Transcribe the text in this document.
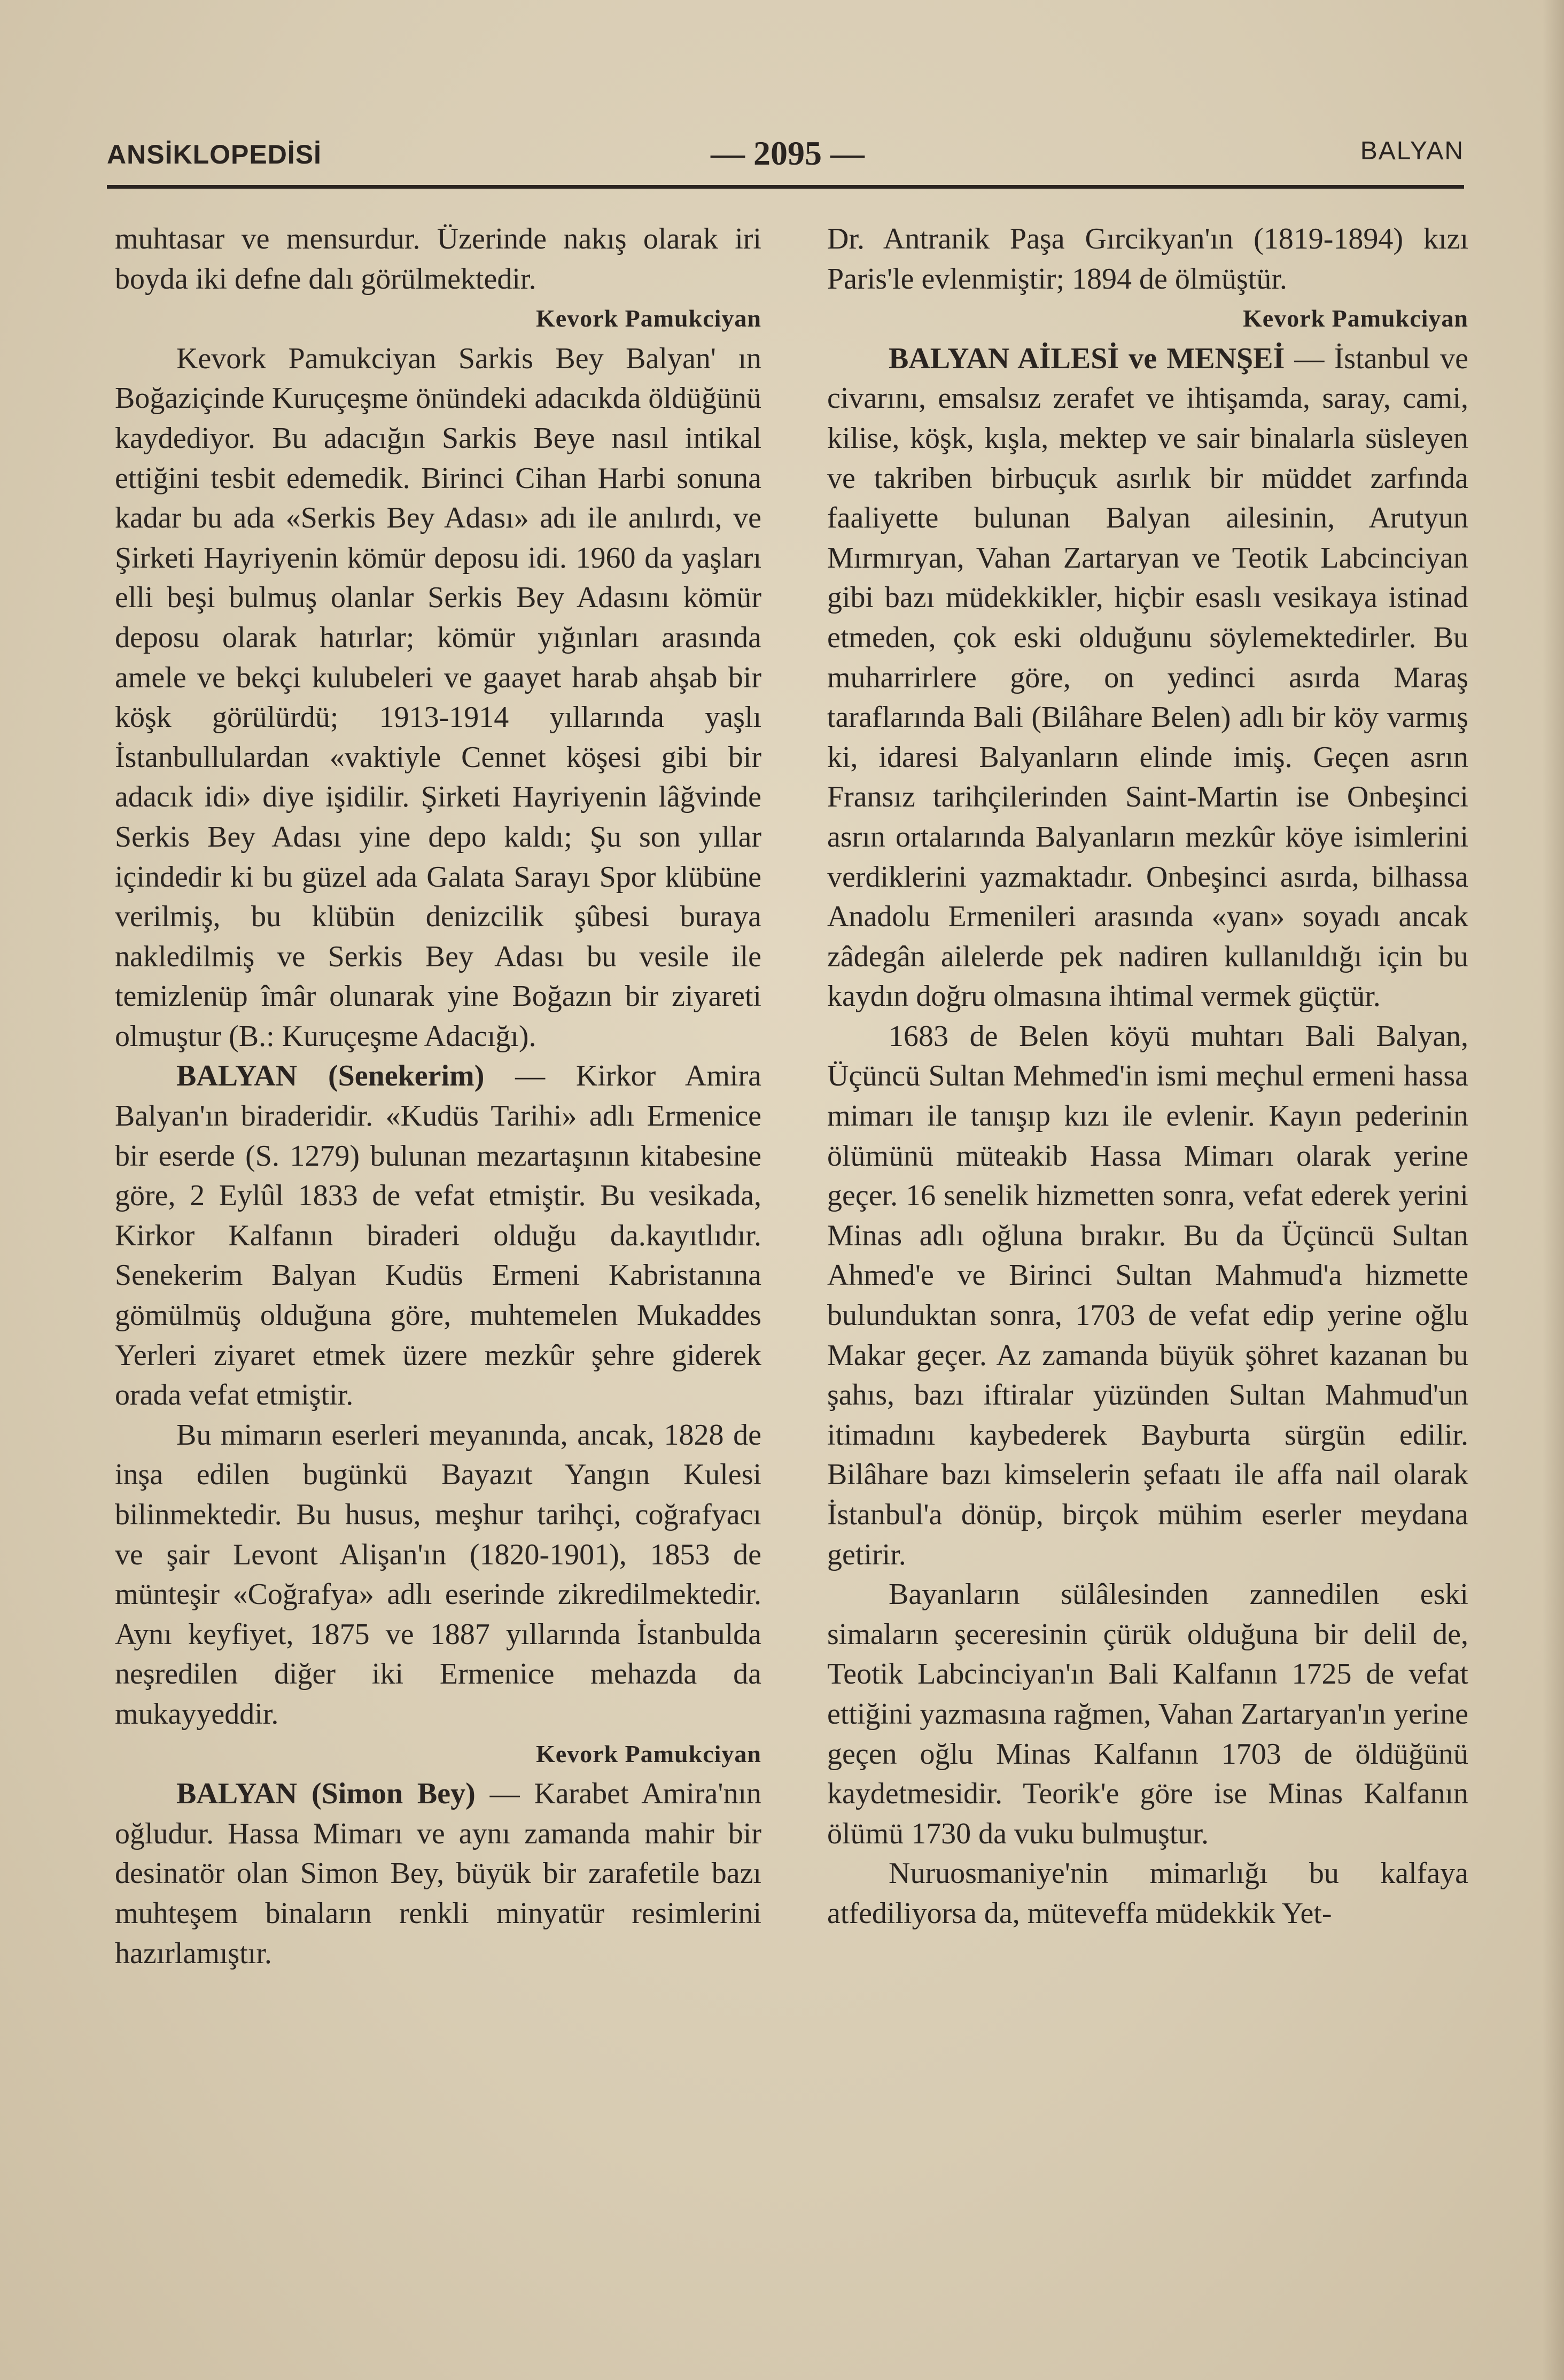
ANSİKLOPEDİSİ	— 2095 —	BALYAN

muhtasar ve mensurdur. Üzerinde nakış olarak iri boyda iki defne dalı görülmektedir.

Kevork Pamukciyan

Kevork Pamukciyan Sarkis Bey Balyan' ın Boğaziçinde Kuruçeşme önündeki adacıkda öldüğünü kaydediyor. Bu adacığın Sarkis Beye nasıl intikal ettiğini tesbit edemedik. Birinci Cihan Harbi sonuna kadar bu ada «Serkis Bey Adası» adı ile anılırdı, ve Şirketi Hayriyenin kömür deposu idi. 1960 da yaşları elli beşi bulmuş olanlar Serkis Bey Adasını kömür deposu olarak hatırlar; kömür yığınları arasında amele ve bekçi kulubeleri ve gaayet harab ahşab bir köşk görülürdü; 1913-1914 yıllarında yaşlı İstanbullulardan «vaktiyle Cennet köşesi gibi bir adacık idi» diye işidilir. Şirketi Hayriyenin lâğvinde Serkis Bey Adası yine depo kaldı; Şu son yıllar içindedir ki bu güzel ada Galata Sarayı Spor klübüne verilmiş, bu klübün denizcilik şûbesi buraya nakledilmiş ve Serkis Bey Adası bu vesile ile temizlenüp îmâr olunarak yine Boğazın bir ziyareti olmuştur (B.: Kuruçeşme Adacığı).

BALYAN (Senekerim) — Kirkor Amira Balyan'ın biraderidir. «Kudüs Tarihi» adlı Ermenice bir eserde (S. 1279) bulunan mezartaşının kitabesine göre, 2 Eylûl 1833 de vefat etmiştir. Bu vesikada, Kirkor Kalfanın biraderi olduğu da.kayıtlıdır. Senekerim Balyan Kudüs Ermeni Kabristanına gömülmüş olduğuna göre, muhtemelen Mukaddes Yerleri ziyaret etmek üzere mezkûr şehre giderek orada vefat etmiştir.

Bu mimarın eserleri meyanında, ancak, 1828 de inşa edilen bugünkü Bayazıt Yangın Kulesi bilinmektedir. Bu husus, meşhur tarihçi, coğrafyacı ve şair Levont Alişan'ın (1820-1901), 1853 de münteşir «Coğrafya» adlı eserinde zikredilmektedir. Aynı keyfiyet, 1875 ve 1887 yıllarında İstanbulda neşredilen diğer iki Ermenice mehazda da mukayyeddir.

Kevork Pamukciyan

BALYAN (Simon Bey) — Karabet Amira'nın oğludur. Hassa Mimarı ve aynı zamanda mahir bir desinatör olan Simon Bey, büyük bir zarafetile bazı muhteşem binaların renkli minyatür resimlerini hazırlamıştır.

Dr. Antranik Paşa Gırcikyan'ın (1819-1894) kızı Paris'le evlenmiştir; 1894 de ölmüştür.

Kevork Pamukciyan

BALYAN AİLESİ ve MENŞEİ — İstanbul ve civarını, emsalsız zerafet ve ihtişamda, saray, cami, kilise, köşk, kışla, mektep ve sair binalarla süsleyen ve takriben birbuçuk asırlık bir müddet zarfında faaliyette bulunan Balyan ailesinin, Arutyun Mırmıryan, Vahan Zartaryan ve Teotik Labcinciyan gibi bazı müdekkikler, hiçbir esaslı vesikaya istinad etmeden, çok eski olduğunu söylemektedirler. Bu muharrirlere göre, on yedinci asırda Maraş taraflarında Bali (Bilâhare Belen) adlı bir köy varmış ki, idaresi Balyanların elinde imiş. Geçen asrın Fransız tarihçilerinden Saint-Martin ise Onbeşinci asrın ortalarında Balyanların mezkûr köye isimlerini verdiklerini yazmaktadır. Onbeşinci asırda, bilhassa Anadolu Ermenileri arasında «yan» soyadı ancak zâdegân ailelerde pek nadiren kullanıldığı için bu kaydın doğru olmasına ihtimal vermek güçtür.

1683 de Belen köyü muhtarı Bali Balyan, Üçüncü Sultan Mehmed'in ismi meçhul ermeni hassa mimarı ile tanışıp kızı ile evlenir. Kayın pederinin ölümünü müteakib Hassa Mimarı olarak yerine geçer. 16 senelik hizmetten sonra, vefat ederek yerini Minas adlı oğluna bırakır. Bu da Üçüncü Sultan Ahmed'e ve Birinci Sultan Mahmud'a hizmette bulunduktan sonra, 1703 de vefat edip yerine oğlu Makar geçer. Az zamanda büyük şöhret kazanan bu şahıs, bazı iftiralar yüzünden Sultan Mahmud'un itimadını kaybederek Bayburta sürgün edilir. Bilâhare bazı kimselerin şefaatı ile affa nail olarak İstanbul'a dönüp, birçok mühim eserler meydana getirir.

Bayanların sülâlesinden zannedilen eski simaların şeceresinin çürük olduğuna bir delil de, Teotik Labcinciyan'ın Bali Kalfanın 1725 de vefat ettiğini yazmasına rağmen, Vahan Zartaryan'ın yerine geçen oğlu Minas Kalfanın 1703 de öldüğünü kaydetmesidir. Teorik'e göre ise Minas Kalfanın ölümü 1730 da vuku bulmuştur.

Nuruosmaniye'nin mimarlığı bu kalfaya atfediliyorsa da, müteveffa müdekkik Yet-
